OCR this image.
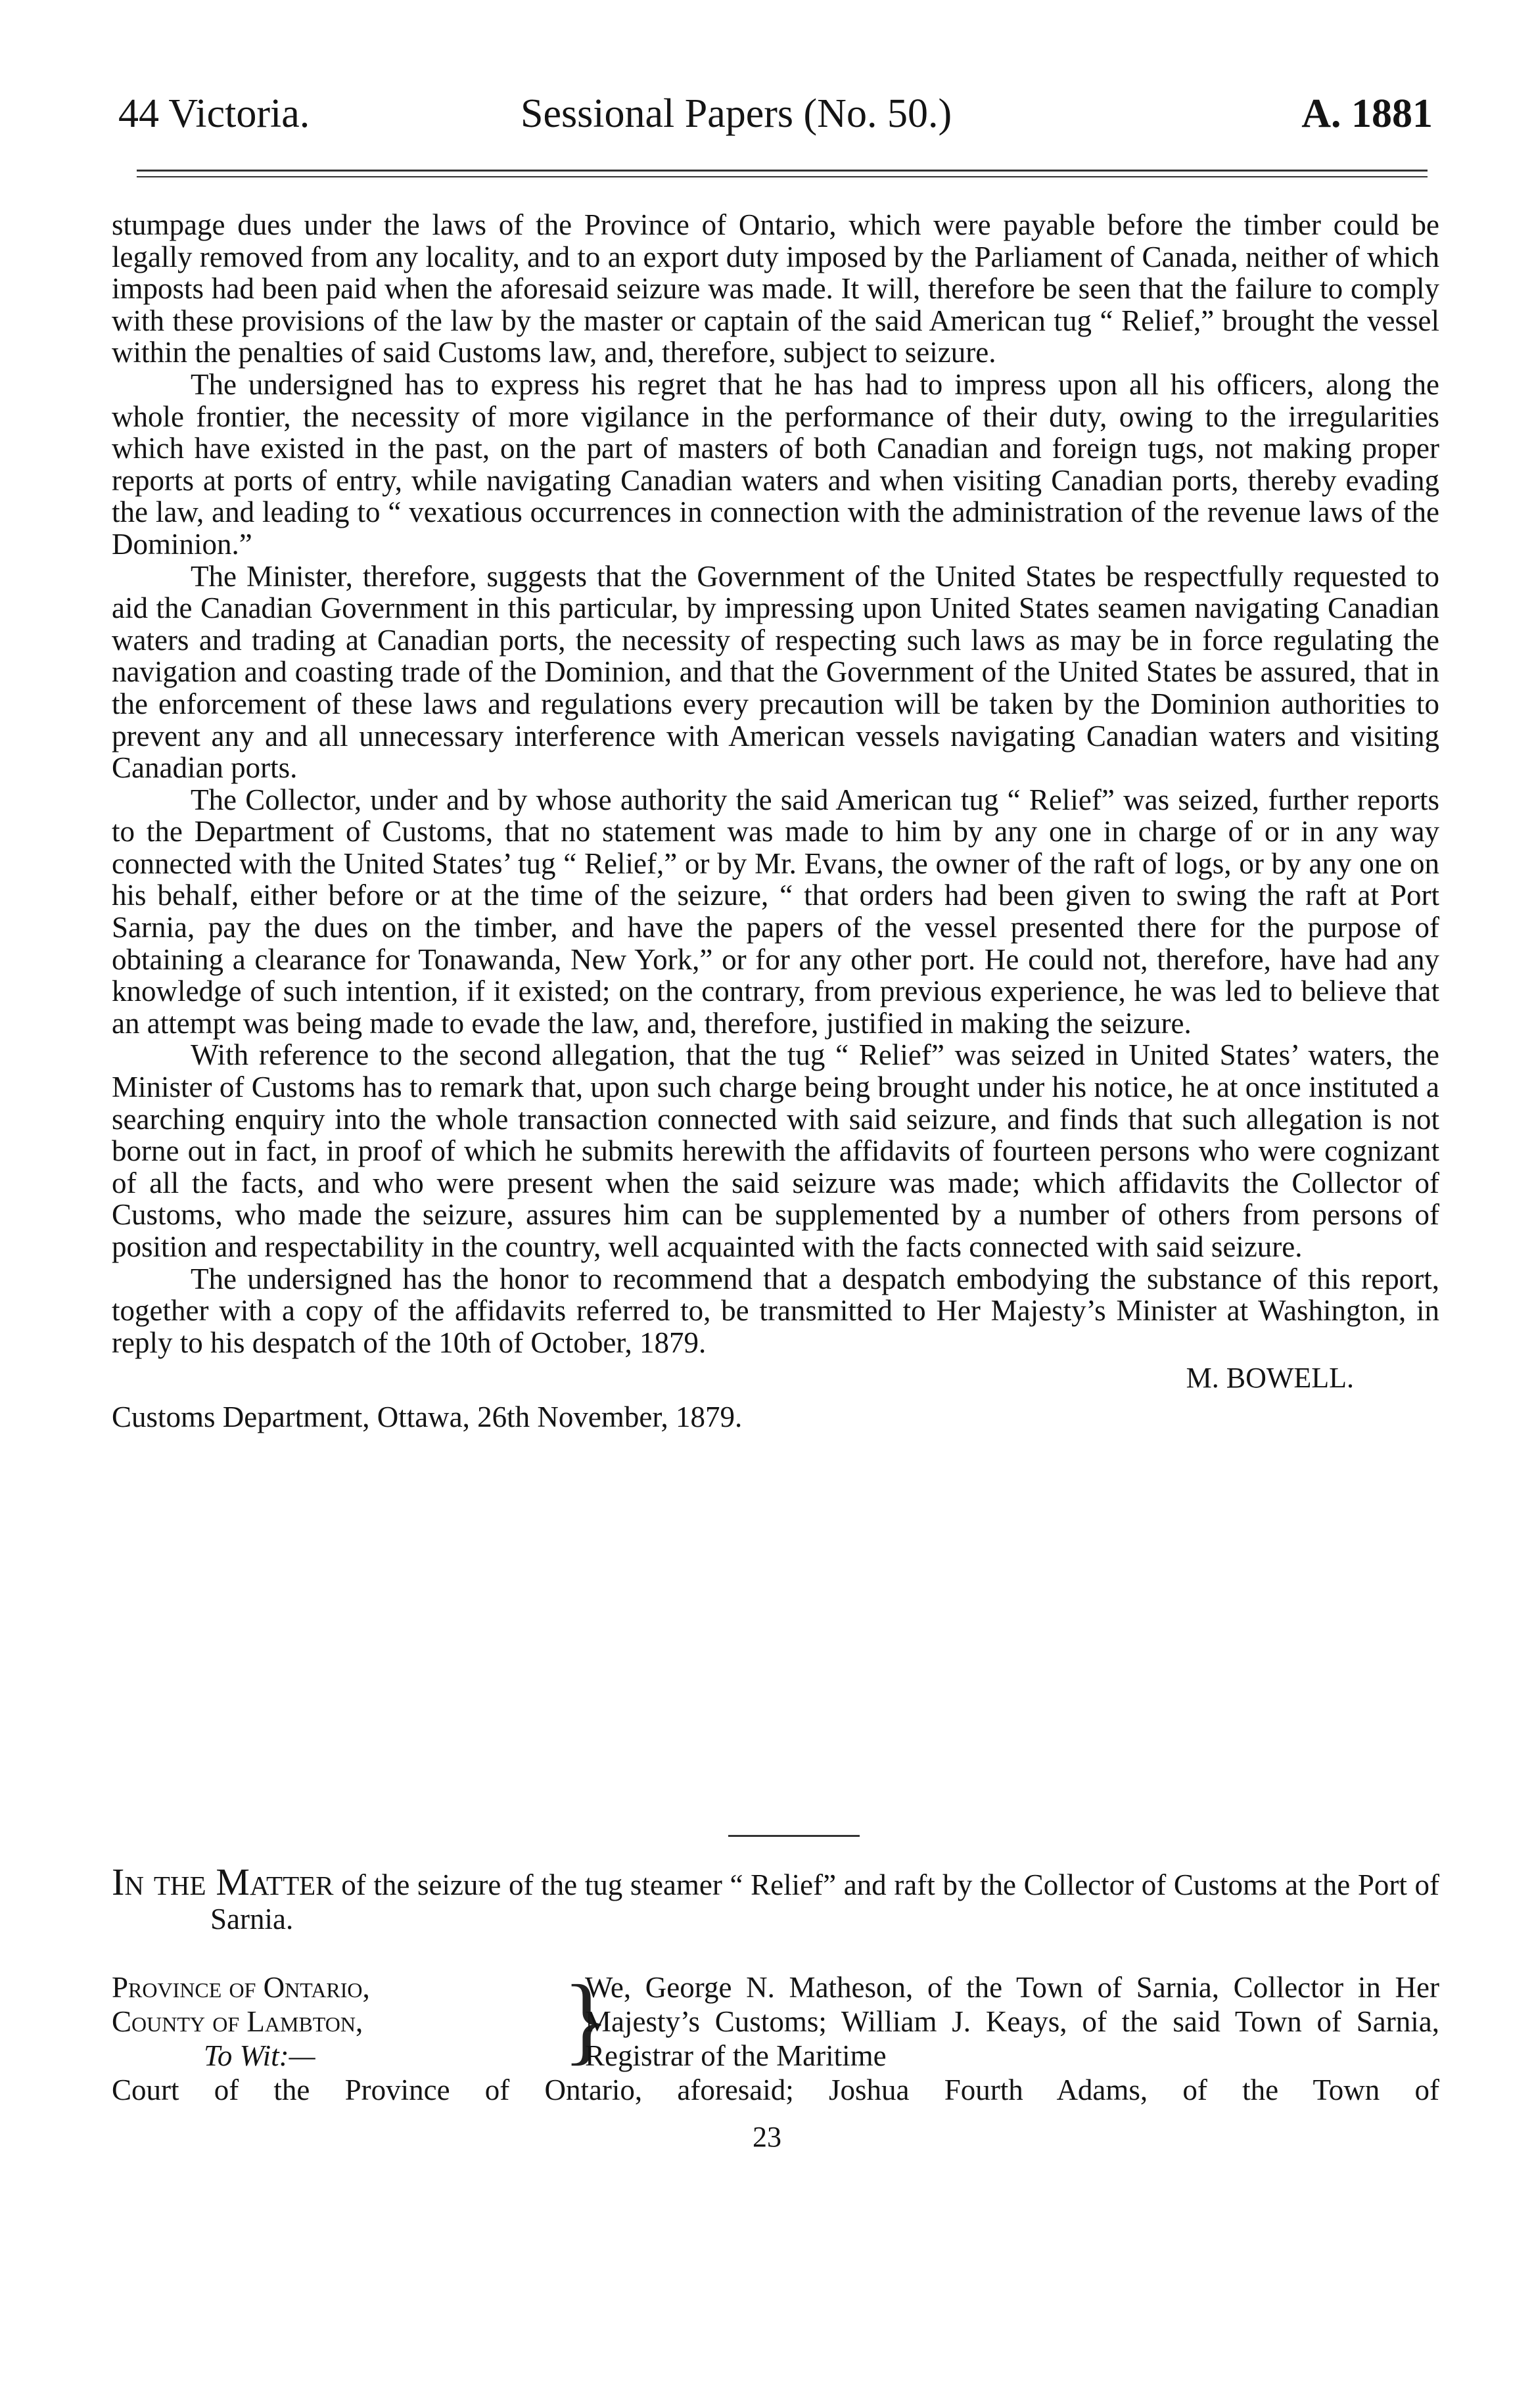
44 Victoria.	Sessional Papers (No. 50.)	A. 1881

stumpage dues under the laws of the Province of Ontario, which were payable before the timber could be legally removed from any locality, and to an export duty imposed by the Parliament of Canada, neither of which imposts had been paid when the aforesaid seizure was made. It will, therefore be seen that the failure to comply with these provisions of the law by the master or captain of the said American tug “ Relief,” brought the vessel within the penalties of said Customs law, and, therefore, subject to seizure.

The undersigned has to express his regret that he has had to impress upon all his officers, along the whole frontier, the necessity of more vigilance in the performance of their duty, owing to the irregularities which have existed in the past, on the part of masters of both Canadian and foreign tugs, not making proper reports at ports of entry, while navigating Canadian waters and when visiting Canadian ports, thereby evading the law, and leading to “ vexatious occurrences in connection with the administration of the revenue laws of the Dominion.”

The Minister, therefore, suggests that the Government of the United States be respectfully requested to aid the Canadian Government in this particular, by impressing upon United States seamen navigating Canadian waters and trading at Canadian ports, the necessity of respecting such laws as may be in force regulating the navigation and coasting trade of the Dominion, and that the Government of the United States be assured, that in the enforcement of these laws and regulations every precaution will be taken by the Dominion authorities to prevent any and all unnecessary interference with American vessels navigating Canadian waters and visiting Canadian ports.

The Collector, under and by whose authority the said American tug “ Relief” was seized, further reports to the Department of Customs, that no statement was made to him by any one in charge of or in any way connected with the United States’ tug “ Relief,” or by Mr. Evans, the owner of the raft of logs, or by any one on his behalf, either before or at the time of the seizure, “ that orders had been given to swing the raft at Port Sarnia, pay the dues on the timber, and have the papers of the vessel presented there for the purpose of obtaining a clearance for Tonawanda, New York,” or for any other port. He could not, therefore, have had any knowledge of such intention, if it existed; on the contrary, from previous experience, he was led to believe that an attempt was being made to evade the law, and, therefore, justified in making the seizure.

With reference to the second allegation, that the tug “ Relief” was seized in United States’ waters, the Minister of Customs has to remark that, upon such charge being brought under his notice, he at once instituted a searching enquiry into the whole transaction connected with said seizure, and finds that such allegation is not borne out in fact, in proof of which he submits herewith the affidavits of fourteen persons who were cognizant of all the facts, and who were present when the said seizure was made; which affidavits the Collector of Customs, who made the seizure, assures him can be supplemented by a number of others from persons of position and respectability in the country, well acquainted with the facts connected with said seizure.

The undersigned has the honor to recommend that a despatch embodying the substance of this report, together with a copy of the affidavits referred to, be transmitted to Her Majesty’s Minister at Washington, in reply to his despatch of the 10th of October, 1879.

M. BOWELL.

Customs Department, Ottawa, 26th November, 1879.

In the Matter of the seizure of the tug steamer “ Relief” and raft by the Collector of Customs at the Port of Sarnia.

Province of Ontario,
County of Lambton,
To Wit:—	}
We, George N. Matheson, of the Town of Sarnia, Collector in Her Majesty’s Customs; William J. Keays, of the said Town of Sarnia, Registrar of the Maritime
Court of the Province of Ontario, aforesaid; Joshua Fourth Adams, of the Town of
23
